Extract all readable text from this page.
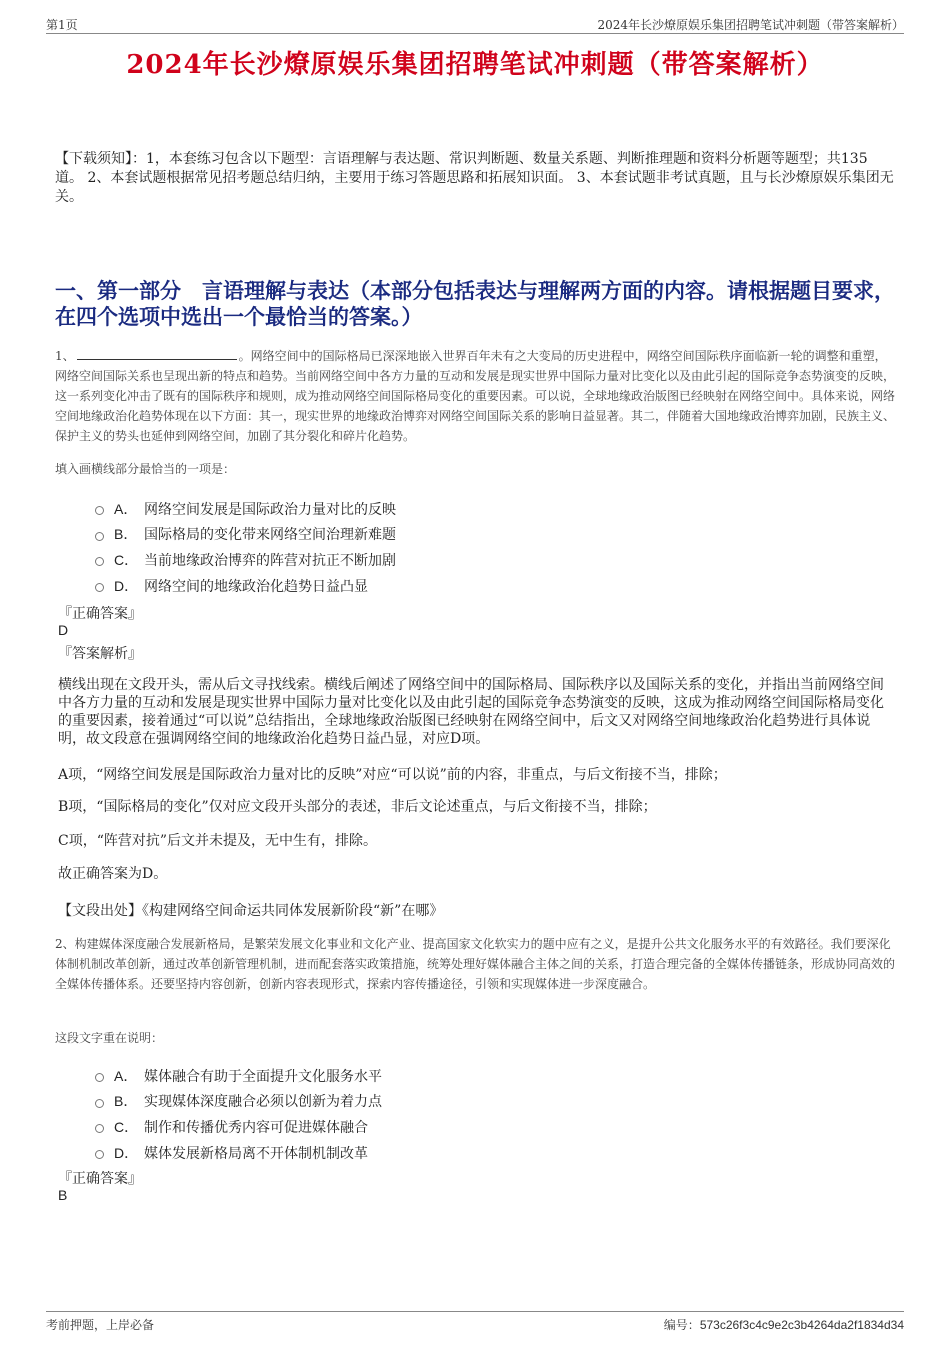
第1页	2024年长沙燎原娱乐集团招聘笔试冲刺题（带答案解析）
2024年长沙燎原娱乐集团招聘笔试冲刺题（带答案解析）

【下载须知】：1，本套练习包含以下题型：言语理解与表达题、常识判断题、数量关系题、判断推理题和资料分析题等题型；共135道。 2、本套试题根据常见招考题总结归纳，主要用于练习答题思路和拓展知识面。 3、本套试题非考试真题，且与长沙燎原娱乐集团无关。

一、第一部分　言语理解与表达（本部分包括表达与理解两方面的内容。请根据题目要求，在四个选项中选出一个最恰当的答案。）

1、	。网络空间中的国际格局已深深地嵌入世界百年未有之大变局的历史进程中，网络空间国际秩序面临新一轮的调整和重塑，网络空间国际关系也呈现出新的特点和趋势。当前网络空间中各方力量的互动和发展是现实世界中国际力量对比变化以及由此引起的国际竞争态势演变的反映，这一系列变化冲击了既有的国际秩序和规则，成为推动网络空间国际格局变化的重要因素。可以说，全球地缘政治版图已经映射在网络空间中。具体来说，网络空间地缘政治化趋势体现在以下方面：其一，现实世界的地缘政治博弈对网络空间国际关系的影响日益显著。其二，伴随着大国地缘政治博弈加剧，民族主义、保护主义的势头也延伸到网络空间，加剧了其分裂化和碎片化趋势。

填入画横线部分最恰当的一项是：

A． 网络空间发展是国际政治力量对比的反映
B． 国际格局的变化带来网络空间治理新难题
C． 当前地缘政治博弈的阵营对抗正不断加剧
D． 网络空间的地缘政治化趋势日益凸显
『正确答案』
D
『答案解析』

横线出现在文段开头，需从后文寻找线索。横线后阐述了网络空间中的国际格局、国际秩序以及国际关系的变化，并指出当前网络空间中各方力量的互动和发展是现实世界中国际力量对比变化以及由此引起的国际竞争态势演变的反映，这成为推动网络空间国际格局变化的重要因素，接着通过“可以说”总结指出，全球地缘政治版图已经映射在网络空间中，后文又对网络空间地缘政治化趋势进行具体说明，故文段意在强调网络空间的地缘政治化趋势日益凸显，对应D项。

A项，“网络空间发展是国际政治力量对比的反映”对应“可以说”前的内容，非重点，与后文衔接不当，排除；

B项，“国际格局的变化”仅对应文段开头部分的表述，非后文论述重点，与后文衔接不当，排除；

C项，“阵营对抗”后文并未提及，无中生有，排除。

故正确答案为D。

【文段出处】《构建网络空间命运共同体发展新阶段“新”在哪》

2、构建媒体深度融合发展新格局，是繁荣发展文化事业和文化产业、提高国家文化软实力的题中应有之义，是提升公共文化服务水平的有效路径。我们要深化体制机制改革创新，通过改革创新管理机制，进而配套落实政策措施，统筹处理好媒体融合主体之间的关系，打造合理完备的全媒体传播链条，形成协同高效的全媒体传播体系。还要坚持内容创新，创新内容表现形式，探索内容传播途径，引领和实现媒体进一步深度融合。

这段文字重在说明：

A． 媒体融合有助于全面提升文化服务水平
B． 实现媒体深度融合必须以创新为着力点
C． 制作和传播优秀内容可促进媒体融合
D． 媒体发展新格局离不开体制机制改革
『正确答案』
B
考前押题，上岸必备	编号：573c26f3c4c9e2c3b4264da2f1834d34
